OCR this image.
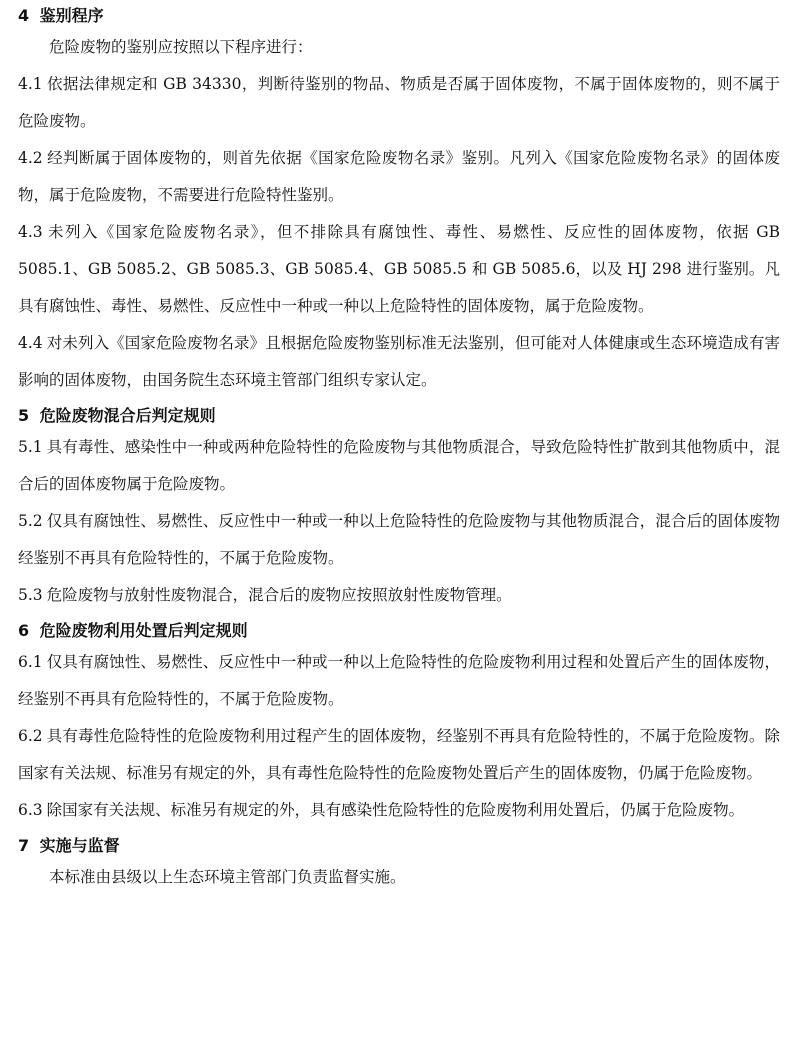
4 鉴别程序

危险废物的鉴别应按照以下程序进行：

4.1 依据法律规定和 GB 34330，判断待鉴别的物品、物质是否属于固体废物，不属于固体废物的，则不属于危险废物。

4.2 经判断属于固体废物的，则首先依据《国家危险废物名录》鉴别。凡列入《国家危险废物名录》的固体废物，属于危险废物，不需要进行危险特性鉴别。

4.3 未列入《国家危险废物名录》，但不排除具有腐蚀性、毒性、易燃性、反应性的固体废物，依据 GB 5085.1、GB 5085.2、GB 5085.3、GB 5085.4、GB 5085.5 和 GB 5085.6，以及 HJ 298 进行鉴别。凡具有腐蚀性、毒性、易燃性、反应性中一种或一种以上危险特性的固体废物，属于危险废物。

4.4 对未列入《国家危险废物名录》且根据危险废物鉴别标准无法鉴别，但可能对人体健康或生态环境造成有害影响的固体废物，由国务院生态环境主管部门组织专家认定。

5 危险废物混合后判定规则

5.1 具有毒性、感染性中一种或两种危险特性的危险废物与其他物质混合，导致危险特性扩散到其他物质中，混合后的固体废物属于危险废物。

5.2 仅具有腐蚀性、易燃性、反应性中一种或一种以上危险特性的危险废物与其他物质混合，混合后的固体废物经鉴别不再具有危险特性的，不属于危险废物。

5.3 危险废物与放射性废物混合，混合后的废物应按照放射性废物管理。

6 危险废物利用处置后判定规则

6.1 仅具有腐蚀性、易燃性、反应性中一种或一种以上危险特性的危险废物利用过程和处置后产生的固体废物，经鉴别不再具有危险特性的，不属于危险废物。

6.2 具有毒性危险特性的危险废物利用过程产生的固体废物，经鉴别不再具有危险特性的，不属于危险废物。除国家有关法规、标准另有规定的外，具有毒性危险特性的危险废物处置后产生的固体废物，仍属于危险废物。

6.3 除国家有关法规、标准另有规定的外，具有感染性危险特性的危险废物利用处置后，仍属于危险废物。

7 实施与监督

本标准由县级以上生态环境主管部门负责监督实施。
